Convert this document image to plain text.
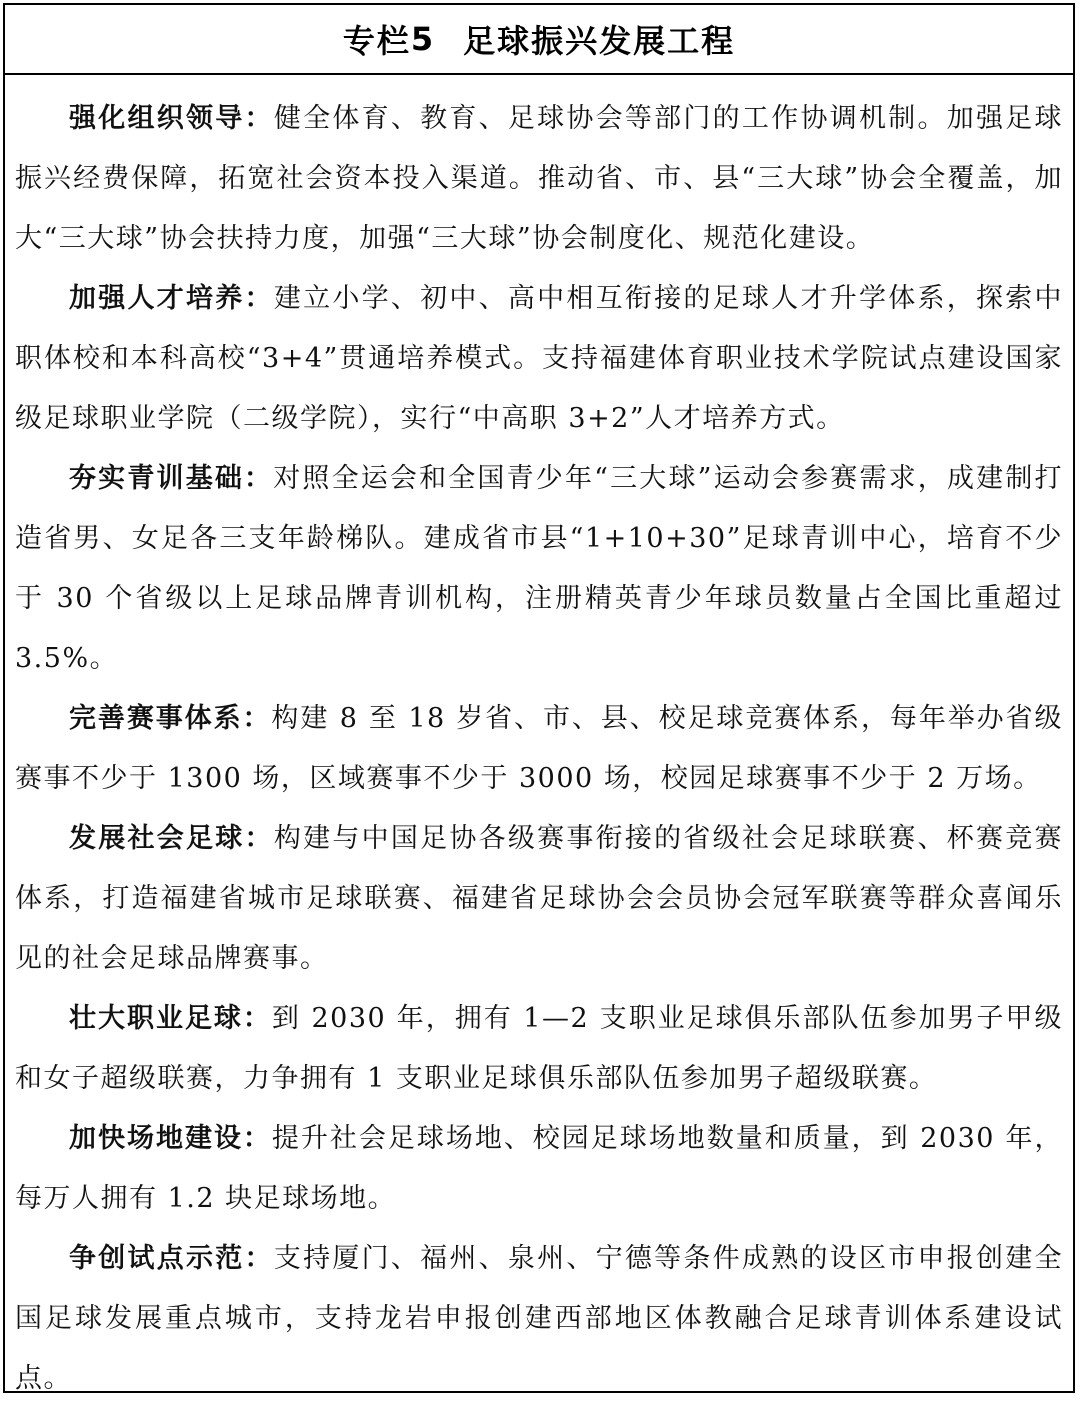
专栏 5 足球振兴发展工程

强化组织领导：健全体育、教育、足球协会等部门的工作协调机制。加强足球振兴经费保障，拓宽社会资本投入渠道。推动省、市、县“三大球”协会全覆盖，加大“三大球”协会扶持力度，加强“三大球”协会制度化、规范化建设。

加强人才培养：建立小学、初中、高中相互衔接的足球人才升学体系，探索中职体校和本科高校“3+4”贯通培养模式。支持福建体育职业技术学院试点建设国家级足球职业学院（二级学院），实行“中高职 3+2”人才培养方式。

夯实青训基础：对照全运会和全国青少年“三大球”运动会参赛需求，成建制打造省男、女足各三支年龄梯队。建成省市县“1+10+30”足球青训中心，培育不少于 30 个省级以上足球品牌青训机构，注册精英青少年球员数量占全国比重超过 3.5%。

完善赛事体系：构建 8 至 18 岁省、市、县、校足球竞赛体系，每年举办省级赛事不少于 1300 场，区域赛事不少于 3000 场，校园足球赛事不少于 2 万场。

发展社会足球：构建与中国足协各级赛事衔接的省级社会足球联赛、杯赛竞赛体系，打造福建省城市足球联赛、福建省足球协会会员协会冠军联赛等群众喜闻乐见的社会足球品牌赛事。

壮大职业足球：到 2030 年，拥有 1—2 支职业足球俱乐部队伍参加男子甲级和女子超级联赛，力争拥有 1 支职业足球俱乐部队伍参加男子超级联赛。

加快场地建设：提升社会足球场地、校园足球场地数量和质量，到 2030 年，每万人拥有 1.2 块足球场地。

争创试点示范：支持厦门、福州、泉州、宁德等条件成熟的设区市申报创建全国足球发展重点城市，支持龙岩申报创建西部地区体教融合足球青训体系建设试点。
